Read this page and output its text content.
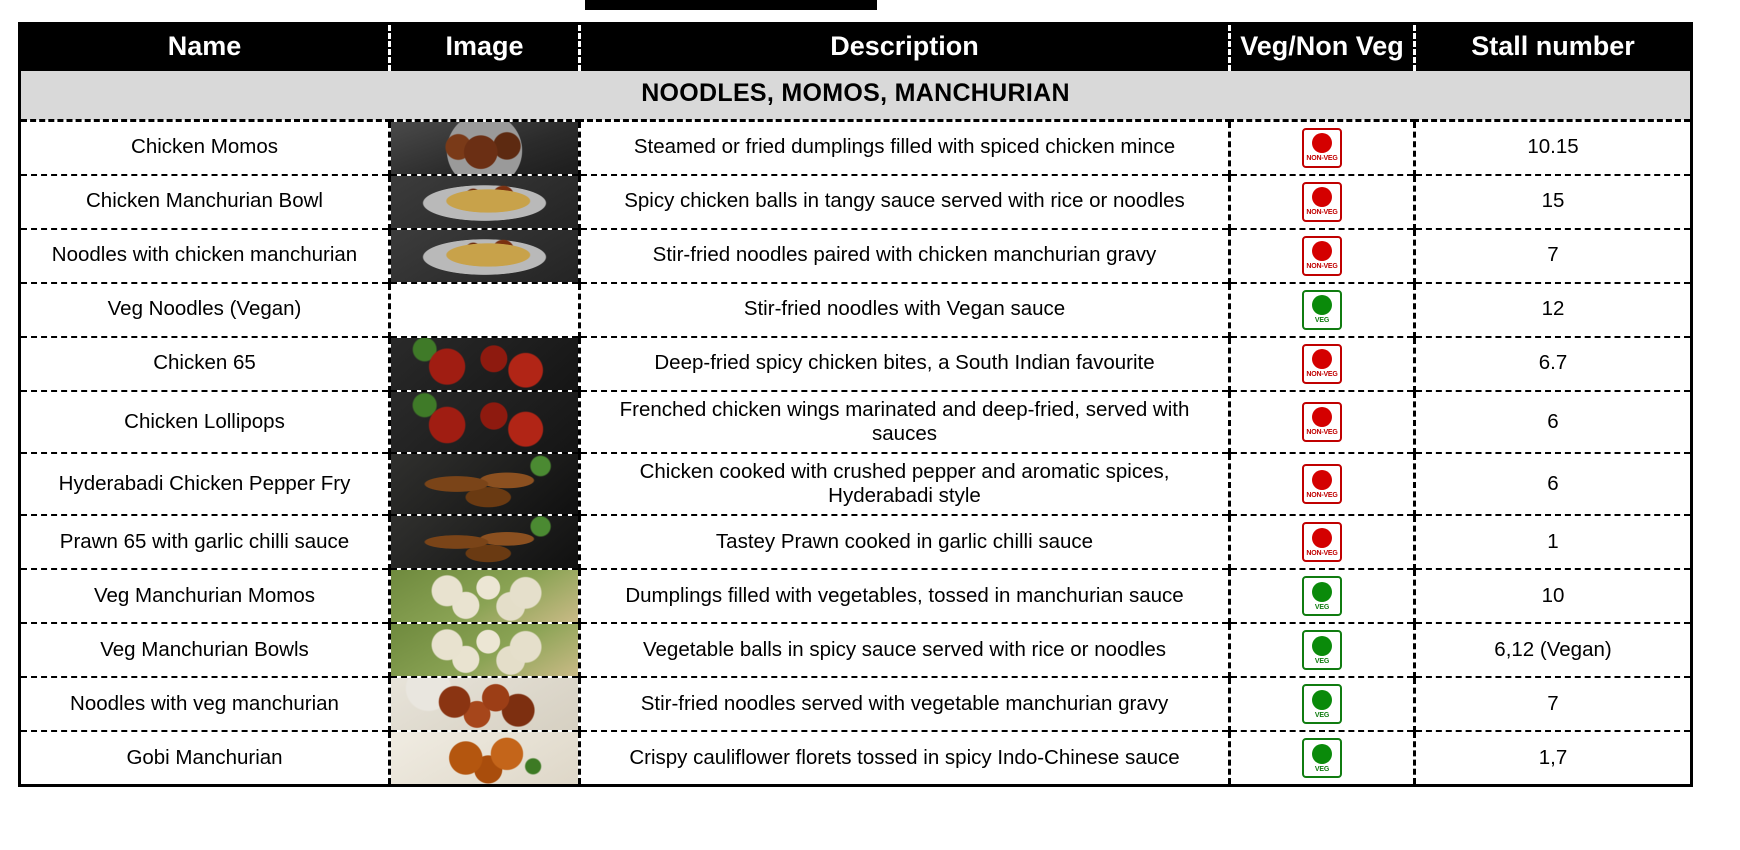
Name	Image	Description	Veg/Non Veg	Stall number
NOODLES, MOMOS, MANCHURIAN				
Chicken Momos		Steamed or fried dumplings filled with spiced chicken mince	NON-VEG	10.15
Chicken Manchurian Bowl		Spicy chicken balls in tangy sauce served with rice or noodles	NON-VEG	15
Noodles with chicken manchurian		Stir-fried noodles paired with chicken manchurian gravy	NON-VEG	7
Veg Noodles (Vegan)		Stir-fried noodles with Vegan sauce	VEG	12
Chicken 65		Deep-fried spicy chicken bites, a South Indian favourite	NON-VEG	6.7
Chicken Lollipops		Frenched chicken wings marinated and deep-fried, served with sauces	NON-VEG	6
Hyderabadi Chicken Pepper Fry		Chicken cooked with crushed pepper and aromatic spices, Hyderabadi style	NON-VEG	6
Prawn 65 with garlic chilli sauce		Tastey Prawn cooked in garlic chilli sauce	NON-VEG	1
Veg Manchurian Momos		Dumplings filled with vegetables, tossed in manchurian sauce	VEG	10
Veg Manchurian Bowls		Vegetable balls in spicy sauce served with rice or noodles	VEG	6,12 (Vegan)
Noodles with veg manchurian		Stir-fried noodles served with vegetable manchurian gravy	VEG	7
Gobi Manchurian		Crispy cauliflower florets tossed in spicy Indo-Chinese sauce	VEG	1,7
